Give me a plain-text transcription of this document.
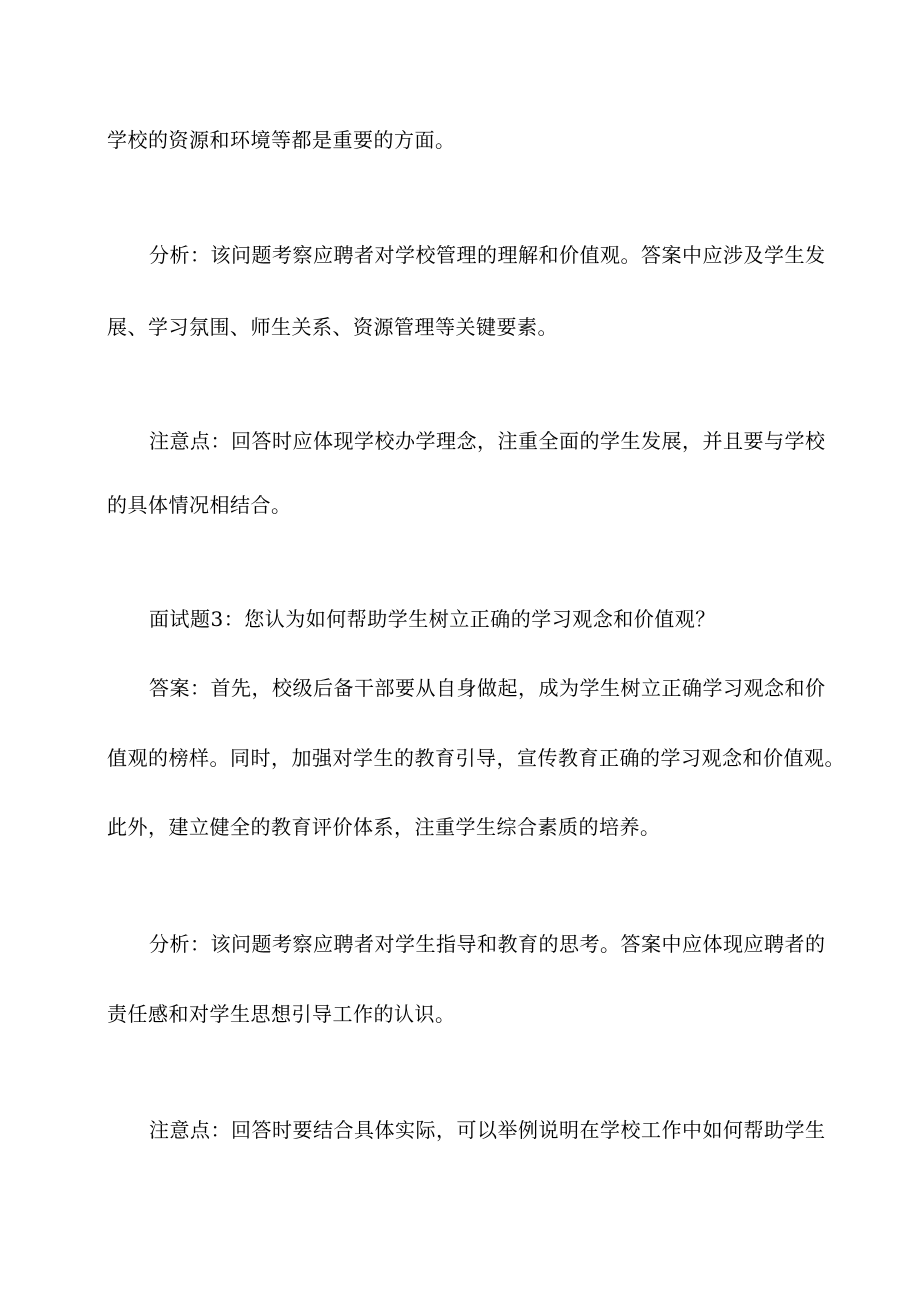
学校的资源和环境等都是重要的方面。
分析：该问题考察应聘者对学校管理的理解和价值观。答案中应涉及学生发
展、学习氛围、师生关系、资源管理等关键要素。
注意点：回答时应体现学校办学理念，注重全面的学生发展，并且要与学校
的具体情况相结合。
面试题3：您认为如何帮助学生树立正确的学习观念和价值观？
答案：首先，校级后备干部要从自身做起，成为学生树立正确学习观念和价
值观的榜样。同时，加强对学生的教育引导，宣传教育正确的学习观念和价值观。
此外，建立健全的教育评价体系，注重学生综合素质的培养。
分析：该问题考察应聘者对学生指导和教育的思考。答案中应体现应聘者的
责任感和对学生思想引导工作的认识。
注意点：回答时要结合具体实际，可以举例说明在学校工作中如何帮助学生
